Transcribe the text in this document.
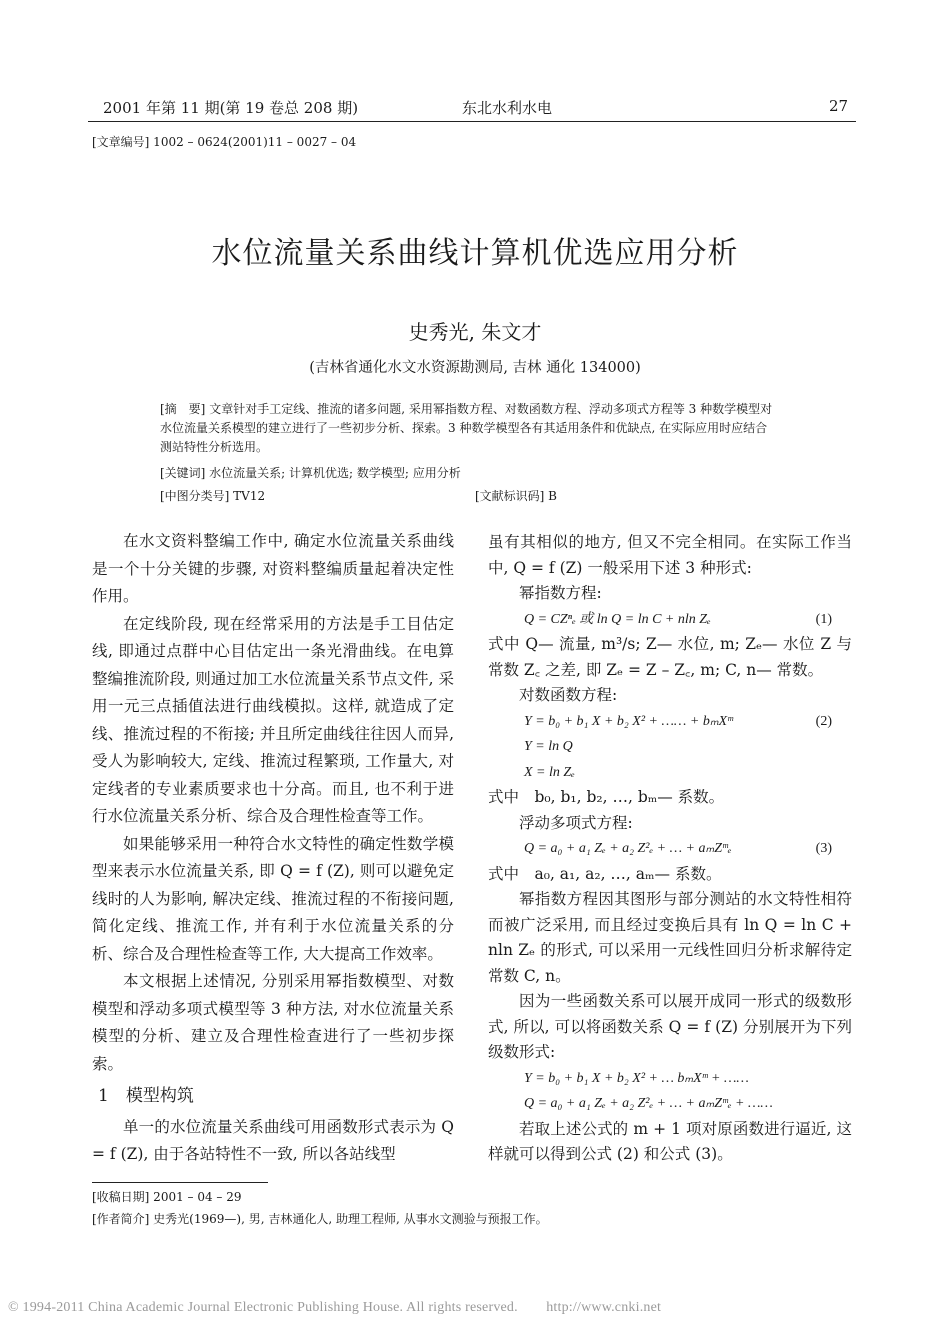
2001 年第 11 期(第 19 卷总 208 期)	东北水利水电	27
[文章编号] 1002 – 0624(2001)11 – 0027 – 04
水位流量关系曲线计算机优选应用分析
史秀光, 朱文才
(吉林省通化水文水资源勘测局, 吉林 通化 134000)
[摘　要] 文章针对手工定线、推流的诸多问题, 采用幂指数方程、对数函数方程、浮动多项式方程等 3 种数学模型对
水位流量关系模型的建立进行了一些初步分析、探索。3 种数学模型各有其适用条件和优缺点, 在实际应用时应结合
测站特性分析选用。
[关键词] 水位流量关系; 计算机优选; 数学模型; 应用分析
[中图分类号] TV12	[文献标识码] B

在水文资料整编工作中, 确定水位流量关系曲线是一个十分关键的步骤, 对资料整编质量起着决定性作用。

在定线阶段, 现在经常采用的方法是手工目估定线, 即通过点群中心目估定出一条光滑曲线。在电算整编推流阶段, 则通过加工水位流量关系节点文件, 采用一元三点插值法进行曲线模拟。这样, 就造成了定线、推流过程的不衔接; 并且所定曲线往往因人而异, 受人为影响较大, 定线、推流过程繁琐, 工作量大, 对定线者的专业素质要求也十分高。而且, 也不利于进行水位流量关系分析、综合及合理性检查等工作。

如果能够采用一种符合水文特性的确定性数学模型来表示水位流量关系, 即 Q = f (Z), 则可以避免定线时的人为影响, 解决定线、推流过程的不衔接问题, 简化定线、推流工作, 并有利于水位流量关系的分析、综合及合理性检查等工作, 大大提高工作效率。

本文根据上述情况, 分别采用幂指数模型、对数模型和浮动多项式模型等 3 种方法, 对水位流量关系模型的分析、建立及合理性检查进行了一些初步探索。

1　模型构筑

单一的水位流量关系曲线可用函数形式表示为 Q = f (Z), 由于各站特性不一致, 所以各站线型

虽有其相似的地方, 但又不完全相同。在实际工作当中, Q = f (Z) 一般采用下述 3 种形式:

幂指数方程:

Q = CZⁿₑ 或 ln Q = ln C + nln Zₑ	(1)

式中 Q— 流量, m³/s; Z— 水位, m; Zₑ— 水位 Z 与常数 Z꜀ 之差, 即 Zₑ = Z – Z꜀, m; C, n— 常数。

对数函数方程:

Y = b₀ + b₁ X + b₂ X² + …… + bₘXᵐ	(2)
Y = ln Q
X = ln Zₑ

式中　b₀, b₁, b₂, …, bₘ— 系数。

浮动多项式方程:

Q = a₀ + a₁ Zₑ + a₂ Z²ₑ + … + aₘZᵐₑ	(3)

式中　a₀, a₁, a₂, …, aₘ— 系数。

幂指数方程因其图形与部分测站的水文特性相符而被广泛采用, 而且经过变换后具有 ln Q = ln C + nln Zₑ 的形式, 可以采用一元线性回归分析求解待定常数 C, n。

因为一些函数关系可以展开成同一形式的级数形式, 所以, 可以将函数关系 Q = f (Z) 分别展开为下列级数形式:

Y = b₀ + b₁ X + b₂ X² + … bₘXᵐ + ……
Q = a₀ + a₁ Zₑ + a₂ Z²ₑ + … + aₘZᵐₑ + ……

若取上述公式的 m + 1 项对原函数进行逼近, 这样就可以得到公式 (2) 和公式 (3)。

[收稿日期] 2001 – 04 – 29
[作者简介] 史秀光(1969—), 男, 吉林通化人, 助理工程师, 从事水文测验与预报工作。
© 1994-2011 China Academic Journal Electronic Publishing House. All rights reserved.　　http://www.cnki.net
